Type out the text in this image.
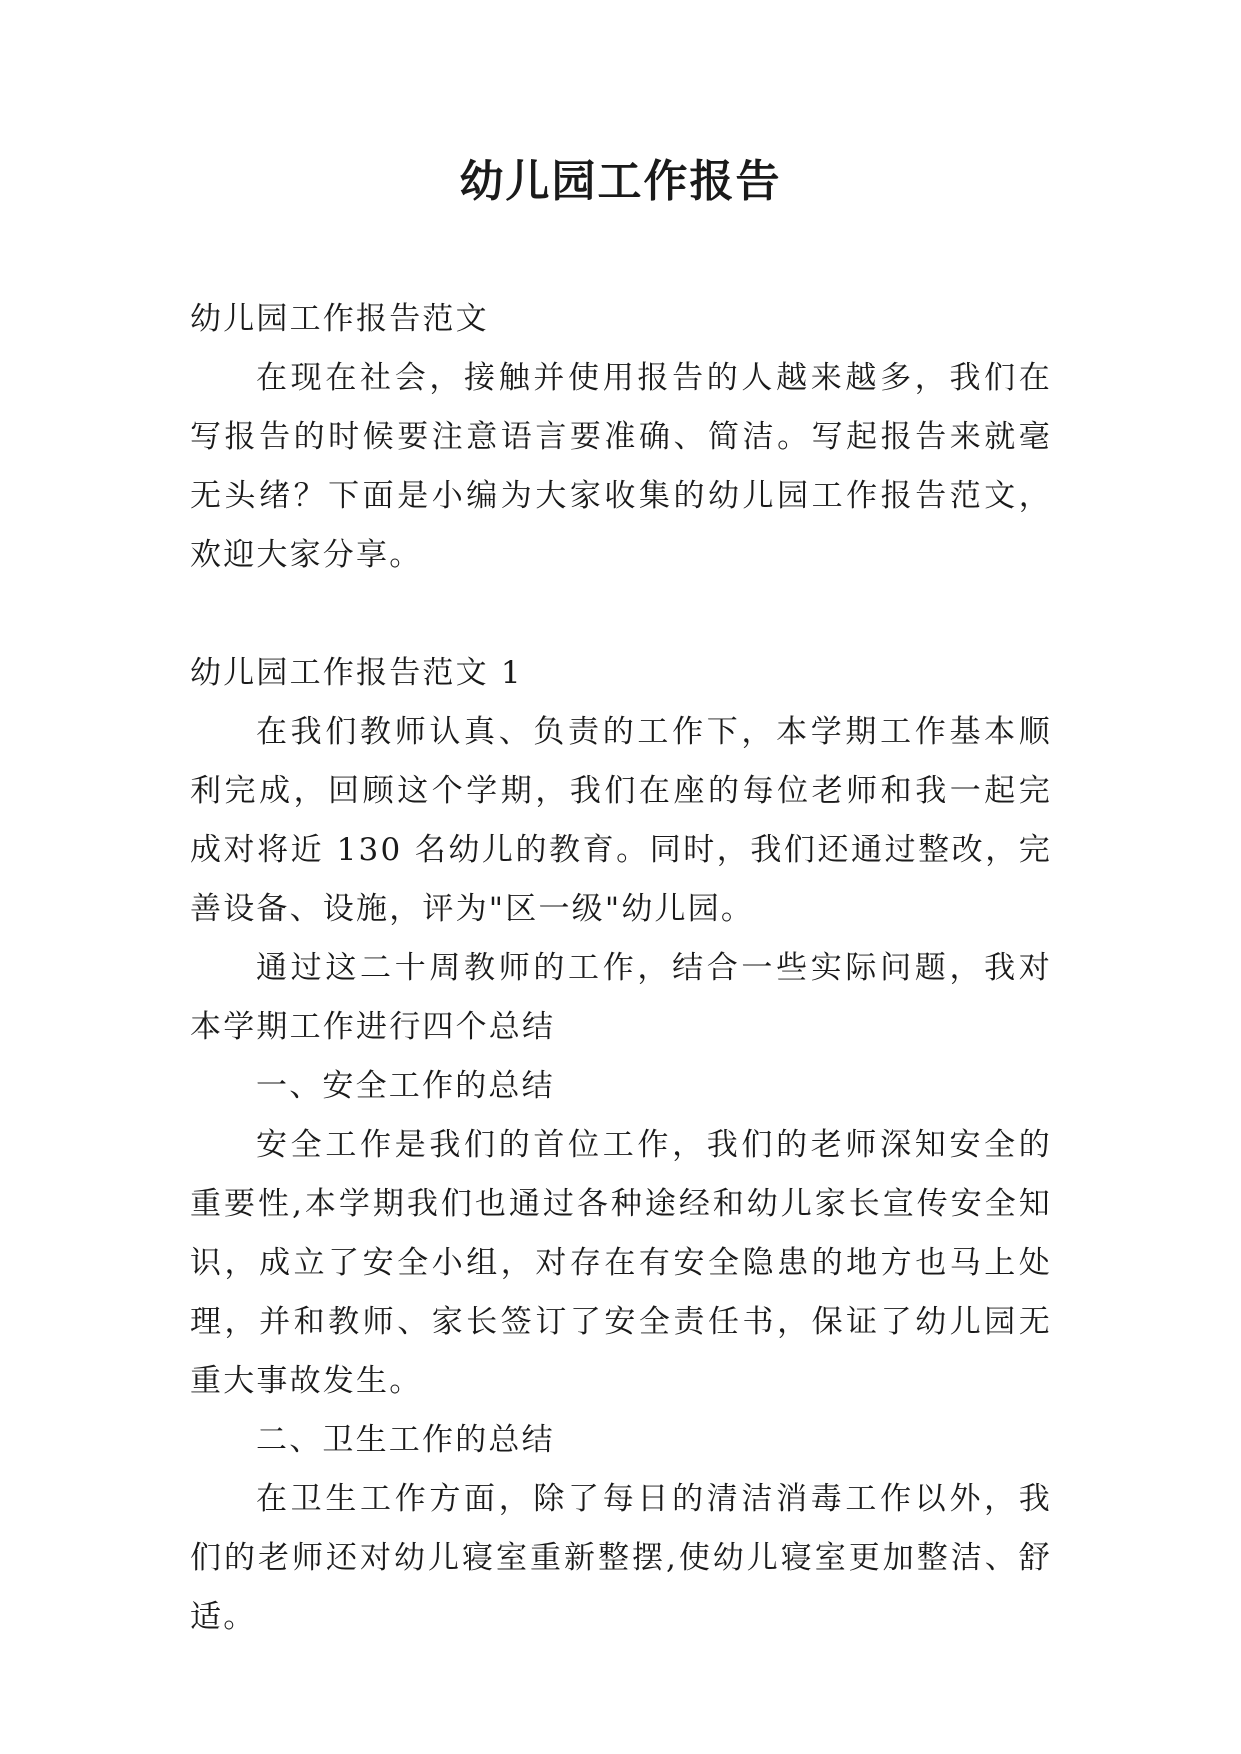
幼儿园工作报告

幼儿园工作报告范文

在现在社会，接触并使用报告的人越来越多，我们在写报告的时候要注意语言要准确、简洁。写起报告来就毫无头绪？下面是小编为大家收集的幼儿园工作报告范文，欢迎大家分享。

幼儿园工作报告范文 1

在我们教师认真、负责的工作下，本学期工作基本顺利完成，回顾这个学期，我们在座的每位老师和我一起完成对将近 130 名幼儿的教育。同时，我们还通过整改，完善设备、设施，评为"区一级"幼儿园。

通过这二十周教师的工作，结合一些实际问题，我对本学期工作进行四个总结

一、安全工作的总结

安全工作是我们的首位工作，我们的老师深知安全的重要性,本学期我们也通过各种途经和幼儿家长宣传安全知识，成立了安全小组，对存在有安全隐患的地方也马上处理，并和教师、家长签订了安全责任书，保证了幼儿园无重大事故发生。

二、卫生工作的总结

在卫生工作方面，除了每日的清洁消毒工作以外，我们的老师还对幼儿寝室重新整摆,使幼儿寝室更加整洁、舒适。
